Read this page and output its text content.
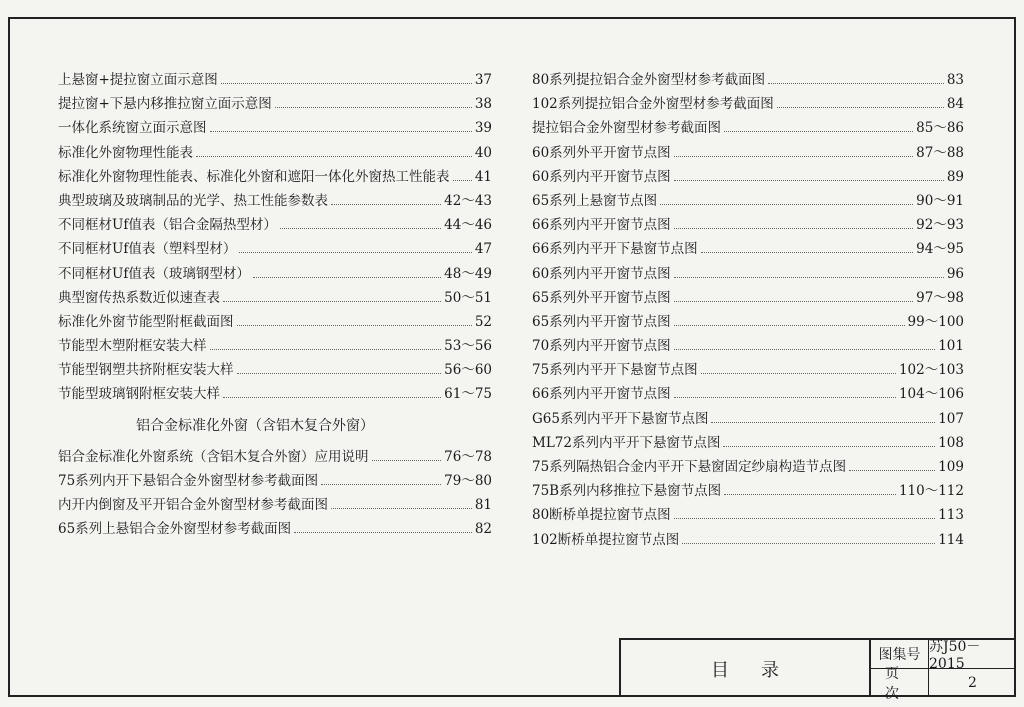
上悬窗+提拉窗立面示意图	37
提拉窗+下悬内移推拉窗立面示意图	38
一体化系统窗立面示意图	39
标准化外窗物理性能表	40
标准化外窗物理性能表、标准化外窗和遮阳一体化外窗热工性能表 41
典型玻璃及玻璃制品的光学、热工性能参数表	42～43
不同框材Uf值表（铝合金隔热型材）	44～46
不同框材Uf值表（塑料型材）	47
不同框材Uf值表（玻璃钢型材）	48～49
典型窗传热系数近似速查表	50～51
标准化外窗节能型附框截面图	52
节能型木塑附框安装大样	53～56
节能型钢塑共挤附框安装大样	56～60
节能型玻璃钢附框安装大样	61～75
铝合金标准化外窗（含铝木复合外窗）
铝合金标准化外窗系统（含铝木复合外窗）应用说明	76～78
75系列内开下悬铝合金外窗型材参考截面图	79～80
内开内倒窗及平开铝合金外窗型材参考截面图	81
65系列上悬铝合金外窗型材参考截面图	82
80系列提拉铝合金外窗型材参考截面图	83
102系列提拉铝合金外窗型材参考截面图	84
提拉铝合金外窗型材参考截面图	85～86
60系列外平开窗节点图	87～88
60系列内平开窗节点图	89
65系列上悬窗节点图	90～91
66系列内平开窗节点图	92～93
66系列内平开下悬窗节点图	94～95
60系列内平开窗节点图	96
65系列外平开窗节点图	97～98
65系列内平开窗节点图	99～100
70系列内平开窗节点图	101
75系列内平开下悬窗节点图	102～103
66系列内平开窗节点图	104～106
G65系列内平开下悬窗节点图	107
ML72系列内平开下悬窗节点图	108
75系列隔热铝合金内平开下悬窗固定纱扇构造节点图	109
75B系列内移推拉下悬窗节点图	110～112
80断桥单提拉窗节点图	113
102断桥单提拉窗节点图	114
目录
图集号 苏J50－2015
页次
2
